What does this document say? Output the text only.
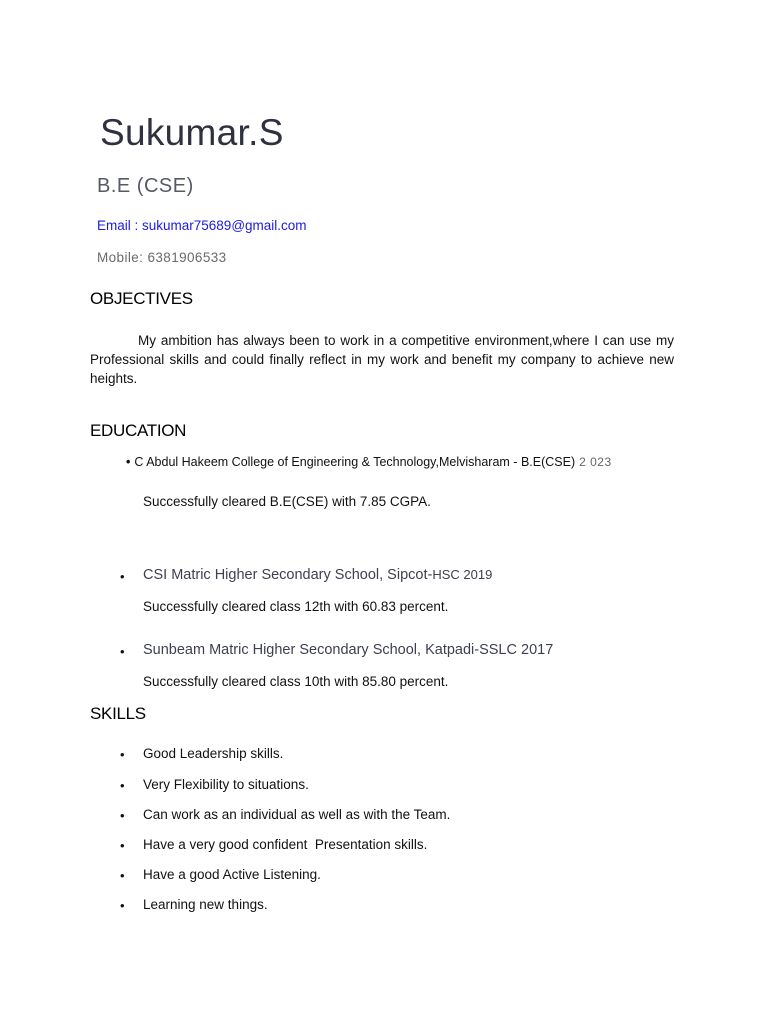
Sukumar.S
B.E (CSE)
Email : sukumar75689@gmail.com
Mobile: 6381906533
OBJECTIVES
My ambition has always been to work in a competitive environment,where I can use my Professional skills and could finally reflect in my work and benefit my company to achieve new heights.
EDUCATION
• C Abdul Hakeem College of Engineering & Technology,Melvisharam - B.E(CSE) 2 023
Successfully cleared B.E(CSE) with 7.85 CGPA.
• CSI Matric Higher Secondary School, Sipcot-HSC 2019
Successfully cleared class 12th with 60.83 percent.
• Sunbeam Matric Higher Secondary School, Katpadi-SSLC 2017
Successfully cleared class 10th with 85.80 percent.
SKILLS
• Good Leadership skills.
• Very Flexibility to situations.
• Can work as an individual as well as with the Team.
• Have a very good confident  Presentation skills.
• Have a good Active Listening.
• Learning new things.
